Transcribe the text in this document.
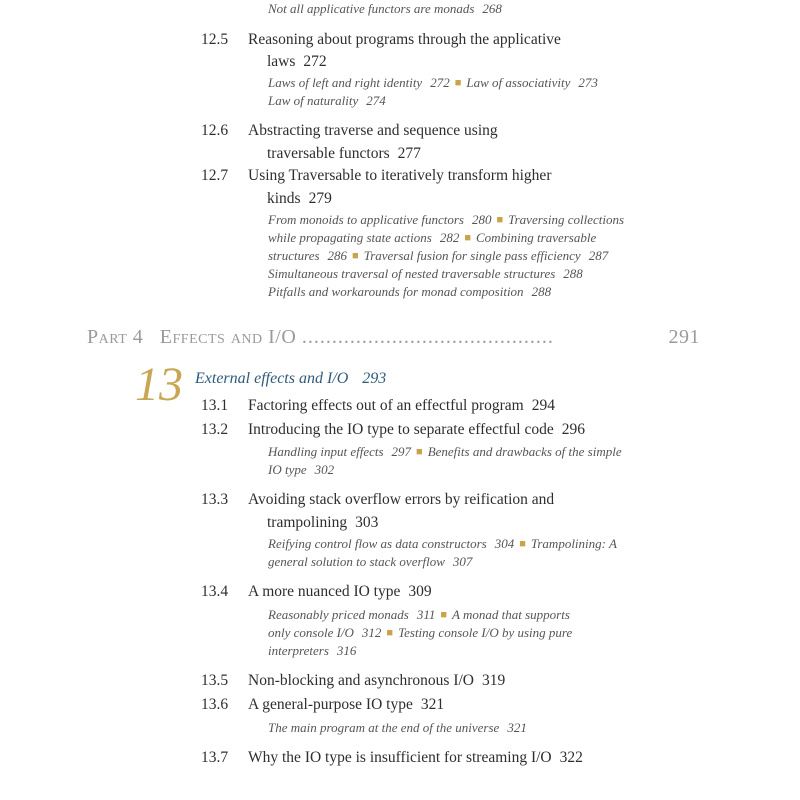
Not all applicative functors are monads 268
12.5 Reasoning about programs through the applicative
laws 272
Laws of left and right identity 272 ■ Law of associativity 273
Law of naturality 274
12.6 Abstracting traverse and sequence using
traversable functors 277
12.7 Using Traversable to iteratively transform higher
kinds 279
From monoids to applicative functors 280 ■ Traversing collections
while propagating state actions 282 ■ Combining traversable
structures 286 ■ Traversal fusion for single pass efficiency 287
Simultaneous traversal of nested traversable structures 288
Pitfalls and workarounds for monad composition 288
Part 4 Effects and I/O ..........................................	291
13 External effects and I/O 293
13.1 Factoring effects out of an effectful program 294
13.2 Introducing the IO type to separate effectful code 296
Handling input effects 297 ■ Benefits and drawbacks of the simple
IO type 302
13.3 Avoiding stack overflow errors by reification and
trampolining 303
Reifying control flow as data constructors 304 ■ Trampolining: A
general solution to stack overflow 307
13.4 A more nuanced IO type 309
Reasonably priced monads 311 ■ A monad that supports
only console I/O 312 ■ Testing console I/O by using pure
interpreters 316
13.5 Non-blocking and asynchronous I/O 319
13.6 A general-purpose IO type 321
The main program at the end of the universe 321
13.7 Why the IO type is insufficient for streaming I/O 322
